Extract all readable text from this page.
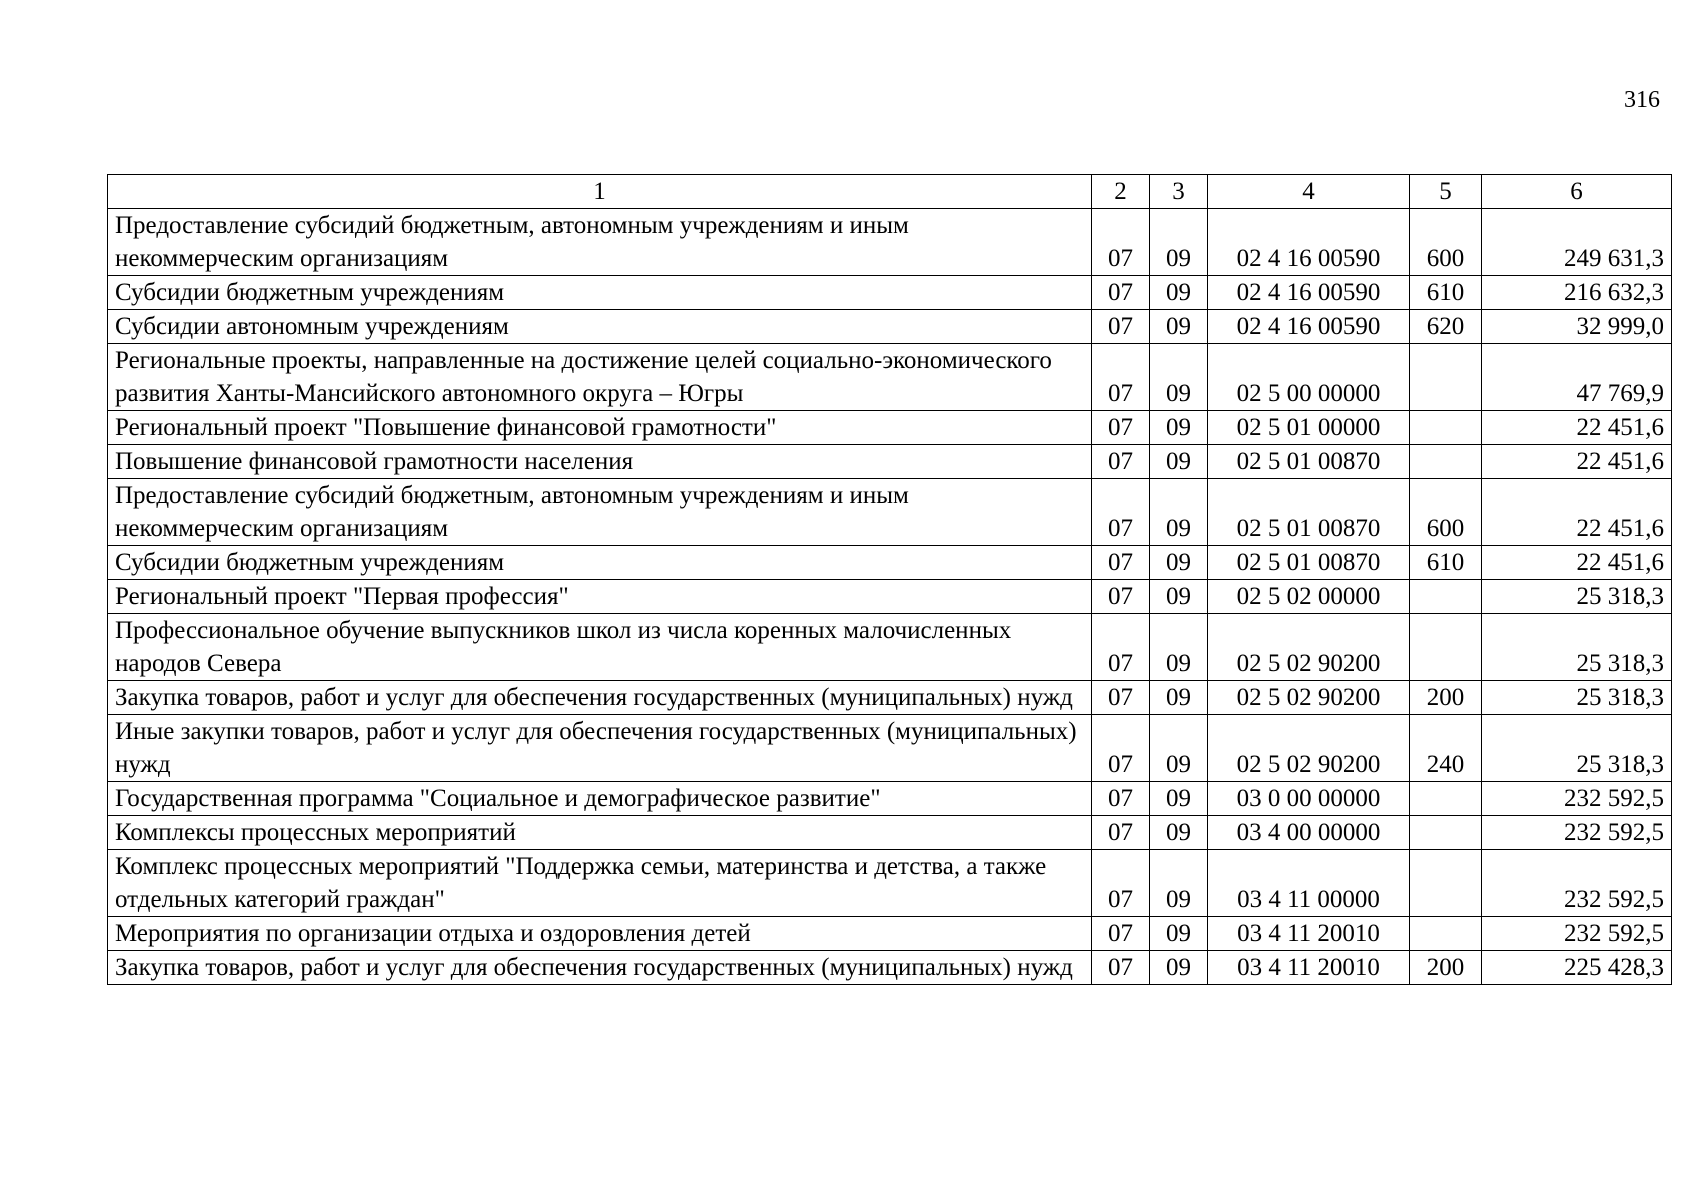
316
1	2	3	4	5	6
Предоставление субсидий бюджетным, автономным учреждениям и иным некоммерческим организациям	07	09	02 4 16 00590	600	249 631,3
Субсидии бюджетным учреждениям	07	09	02 4 16 00590	610	216 632,3
Субсидии автономным учреждениям	07	09	02 4 16 00590	620	32 999,0
Региональные проекты, направленные на достижение целей социально-экономического развития Ханты-Мансийского автономного округа – Югры	07	09	02 5 00 00000		47 769,9
Региональный проект "Повышение финансовой грамотности"	07	09	02 5 01 00000		22 451,6
Повышение финансовой грамотности населения	07	09	02 5 01 00870		22 451,6
Предоставление субсидий бюджетным, автономным учреждениям и иным некоммерческим организациям	07	09	02 5 01 00870	600	22 451,6
Субсидии бюджетным учреждениям	07	09	02 5 01 00870	610	22 451,6
Региональный проект "Первая профессия"	07	09	02 5 02 00000		25 318,3
Профессиональное обучение выпускников школ из числа коренных малочисленных народов Севера	07	09	02 5 02 90200		25 318,3
Закупка товаров, работ и услуг для обеспечения государственных (муниципальных) нужд	07	09	02 5 02 90200	200	25 318,3
Иные закупки товаров, работ и услуг для обеспечения государственных (муниципальных) нужд	07	09	02 5 02 90200	240	25 318,3
Государственная программа "Социальное и демографическое развитие"	07	09	03 0 00 00000		232 592,5
Комплексы процессных мероприятий	07	09	03 4 00 00000		232 592,5
Комплекс процессных мероприятий "Поддержка семьи, материнства и детства, а также отдельных категорий граждан"	07	09	03 4 11 00000		232 592,5
Мероприятия по организации отдыха и оздоровления детей	07	09	03 4 11 20010		232 592,5
Закупка товаров, работ и услуг для обеспечения государственных (муниципальных) нужд	07	09	03 4 11 20010	200	225 428,3
